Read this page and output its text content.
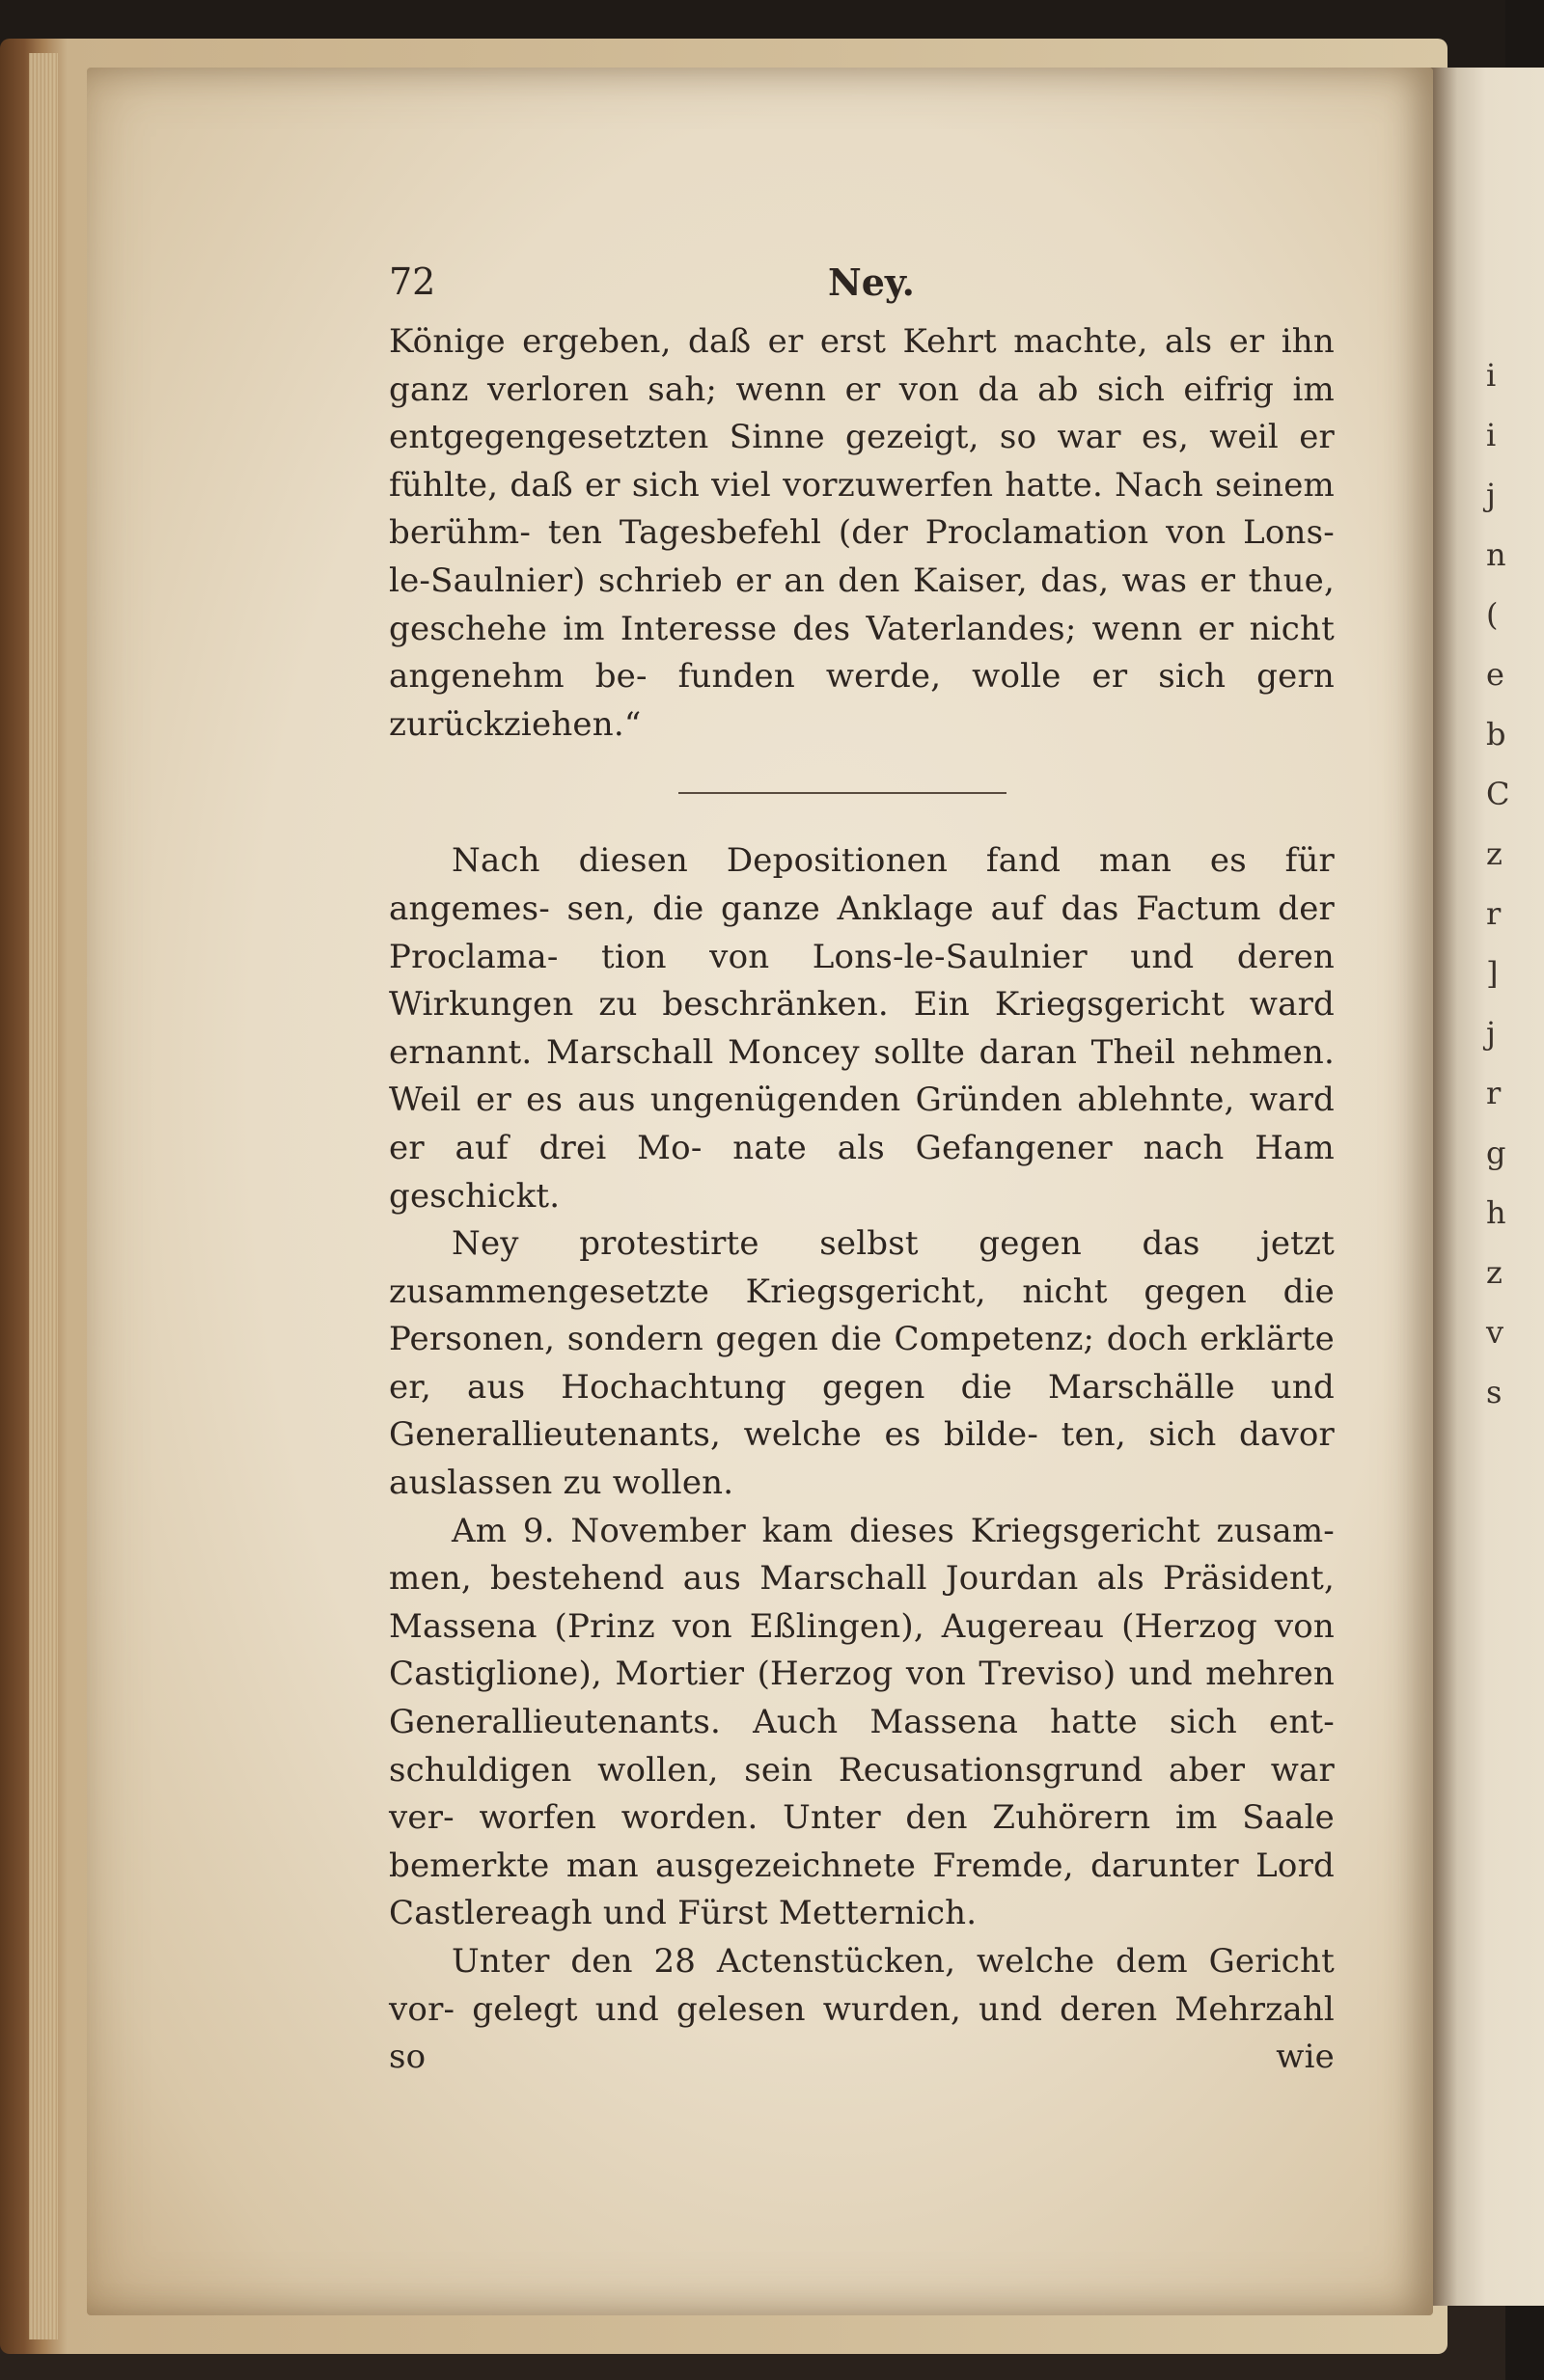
i
i
j
n
(
e
b
C
z
r
]
j
r
g
h
z
v
s
72	Ney.

Könige ergeben, daß er erst Kehrt machte, als er ihn ganz verloren sah; wenn er von da ab sich eifrig im entgegengesetzten Sinne gezeigt, so war es, weil er fühlte, daß er sich viel vorzuwerfen hatte. Nach seinem berühm- ten Tagesbefehl (der Proclamation von Lons-le-Saulnier) schrieb er an den Kaiser, das, was er thue, geschehe im Interesse des Vaterlandes; wenn er nicht angenehm be- funden werde, wolle er sich gern zurückziehen.“

Nach diesen Depositionen fand man es für angemes- sen, die ganze Anklage auf das Factum der Proclama- tion von Lons-le-Saulnier und deren Wirkungen zu beschränken. Ein Kriegsgericht ward ernannt. Marschall Moncey sollte daran Theil nehmen. Weil er es aus ungenügenden Gründen ablehnte, ward er auf drei Mo- nate als Gefangener nach Ham geschickt.

Ney protestirte selbst gegen das jetzt zusammengesetzte Kriegsgericht, nicht gegen die Personen, sondern gegen die Competenz; doch erklärte er, aus Hochachtung gegen die Marschälle und Generallieutenants, welche es bilde- ten, sich davor auslassen zu wollen.

Am 9. November kam dieses Kriegsgericht zusam- men, bestehend aus Marschall Jourdan als Präsident, Massena (Prinz von Eßlingen), Augereau (Herzog von Castiglione), Mortier (Herzog von Treviso) und mehren Generallieutenants. Auch Massena hatte sich ent- schuldigen wollen, sein Recusationsgrund aber war ver- worfen worden. Unter den Zuhörern im Saale bemerkte man ausgezeichnete Fremde, darunter Lord Castlereagh und Fürst Metternich.

Unter den 28 Actenstücken, welche dem Gericht vor- gelegt und gelesen wurden, und deren Mehrzahl so wie
